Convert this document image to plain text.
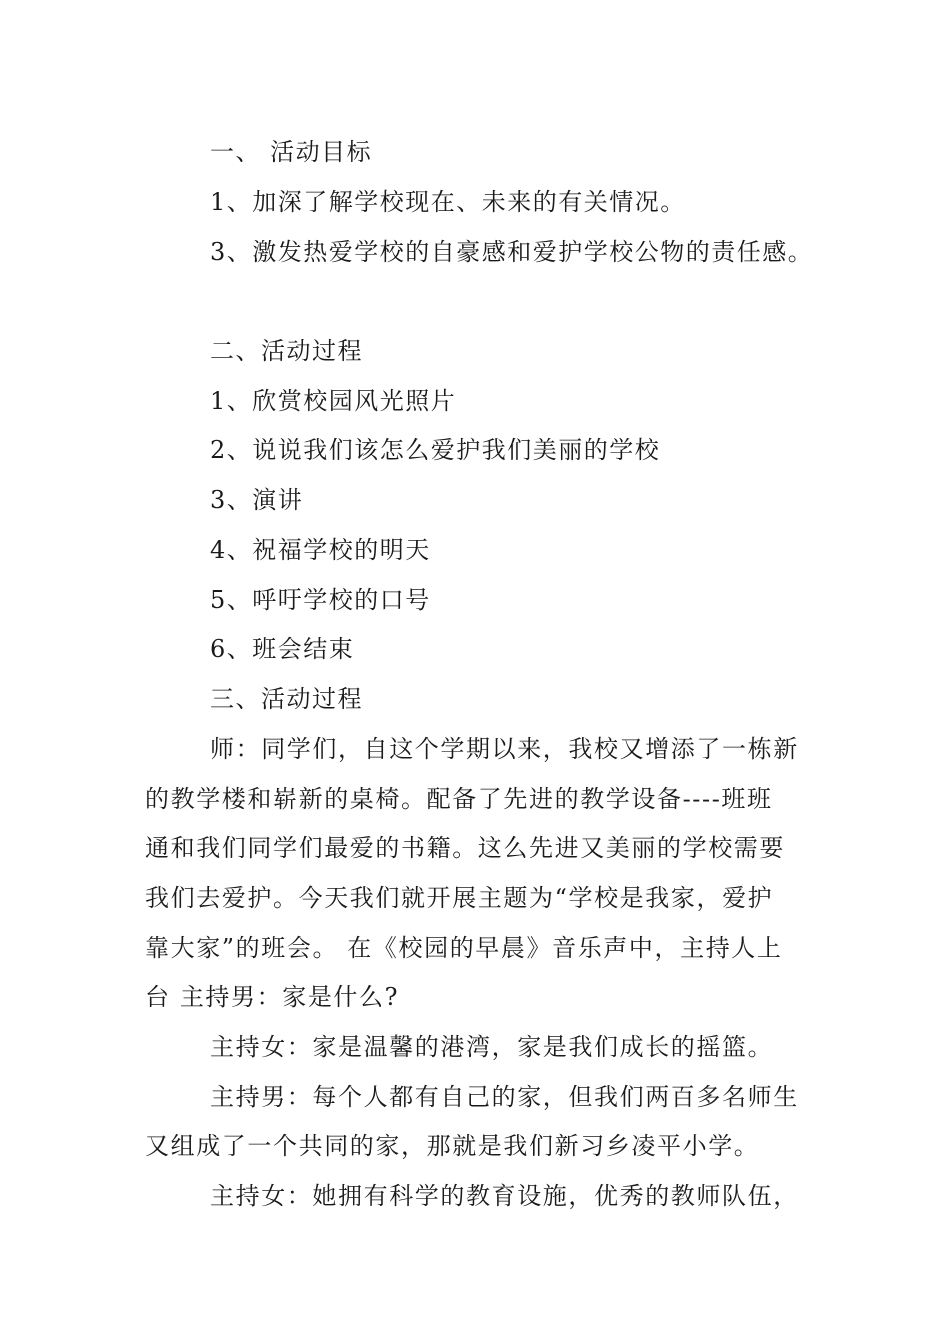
一、 活动目标
1、加深了解学校现在、未来的有关情况。
3、激发热爱学校的自豪感和爱护学校公物的责任感。
二、活动过程
1、欣赏校园风光照片
2、说说我们该怎么爱护我们美丽的学校
3、演讲
4、祝福学校的明天
5、呼吁学校的口号
6、班会结束
三、活动过程
师：同学们，自这个学期以来，我校又增添了一栋新
的教学楼和崭新的桌椅。配备了先进的教学设备----班班
通和我们同学们最爱的书籍。这么先进又美丽的学校需要
我们去爱护。今天我们就开展主题为“学校是我家，爱护
靠大家”的班会。 在《校园的早晨》音乐声中，主持人上
台 主持男：家是什么?
主持女：家是温馨的港湾，家是我们成长的摇篮。
主持男：每个人都有自己的家，但我们两百多名师生
又组成了一个共同的家，那就是我们新习乡凌平小学。
主持女：她拥有科学的教育设施，优秀的教师队伍，
